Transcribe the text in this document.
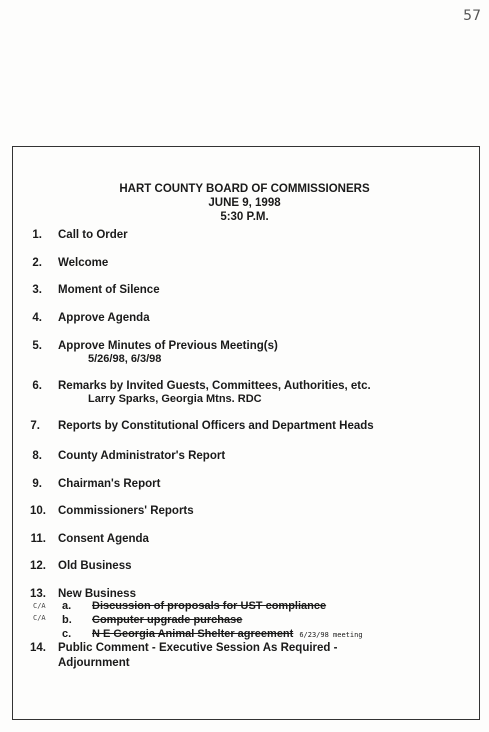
57
HART COUNTY BOARD OF COMMISSIONERS
JUNE 9, 1998
5:30 P.M.
1. Call to Order
2. Welcome
3. Moment of Silence
4. Approve Agenda
5. Approve Minutes of Previous Meeting(s)
5/26/98, 6/3/98
6. Remarks by Invited Guests, Committees, Authorities, etc.
Larry Sparks, Georgia Mtns. RDC
7. Reports by Constitutional Officers and Department Heads
8. County Administrator's Report
9. Chairman's Report
10. Commissioners' Reports
11. Consent Agenda
12. Old Business
13. New Business
C/A a. Discussion of proposals for UST compliance
C/A b. Computer upgrade purchase
c. N E Georgia Animal Shelter agreement 6/23/98 meeting
14. Public Comment - Executive Session As Required -
Adjournment
